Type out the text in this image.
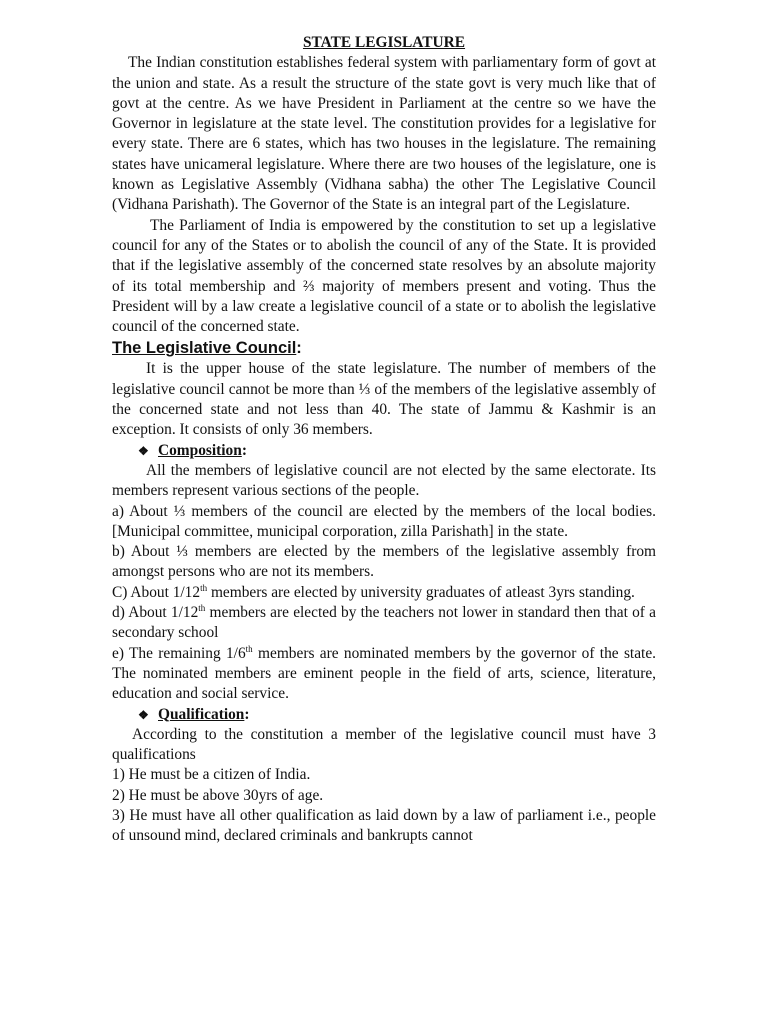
STATE LEGISLATURE

The Indian constitution establishes federal system with parliamentary form of govt at the union and state. As a result the structure of the state govt is very much like that of govt at the centre. As we have President in Parliament at the centre so we have the Governor in legislature at the state level. The constitution provides for a legislative for every state. There are 6 states, which has two houses in the legislature. The remaining states have unicameral legislature. Where there are two houses of the legislature, one is known as Legislative Assembly (Vidhana sabha) the other The Legislative Council (Vidhana Parishath). The Governor of the State is an integral part of the Legislature.

The Parliament of India is empowered by the constitution to set up a legislative council for any of the States or to abolish the council of any of the State. It is provided that if the legislative assembly of the concerned state resolves by an absolute majority of its total membership and ⅔ majority of members present and voting. Thus the President will by a law create a legislative council of a state or to abolish the legislative council of the concerned state.

The Legislative Council:

It is the upper house of the state legislature. The number of members of the legislative council cannot be more than ⅓ of the members of the legislative assembly of the concerned state and not less than 40. The state of Jammu & Kashmir is an exception. It consists of only 36 members.

❖ Composition:

All the members of legislative council are not elected by the same electorate. Its members represent various sections of the people.

a) About ⅓ members of the council are elected by the members of the local bodies. [Municipal committee, municipal corporation, zilla Parishath] in the state.

b) About ⅓ members are elected by the members of the legislative assembly from amongst persons who are not its members.

C) About 1/12th members are elected by university graduates of atleast 3yrs standing.

d) About 1/12th members are elected by the teachers not lower in standard then that of a secondary school

e) The remaining 1/6th members are nominated members by the governor of the state. The nominated members are eminent people in the field of arts, science, literature, education and social service.

❖ Qualification:

According to the constitution a member of the legislative council must have 3 qualifications

1) He must be a citizen of India.

2) He must be above 30yrs of age.

3) He must have all other qualification as laid down by a law of parliament i.e., people of unsound mind, declared criminals and bankrupts cannot
